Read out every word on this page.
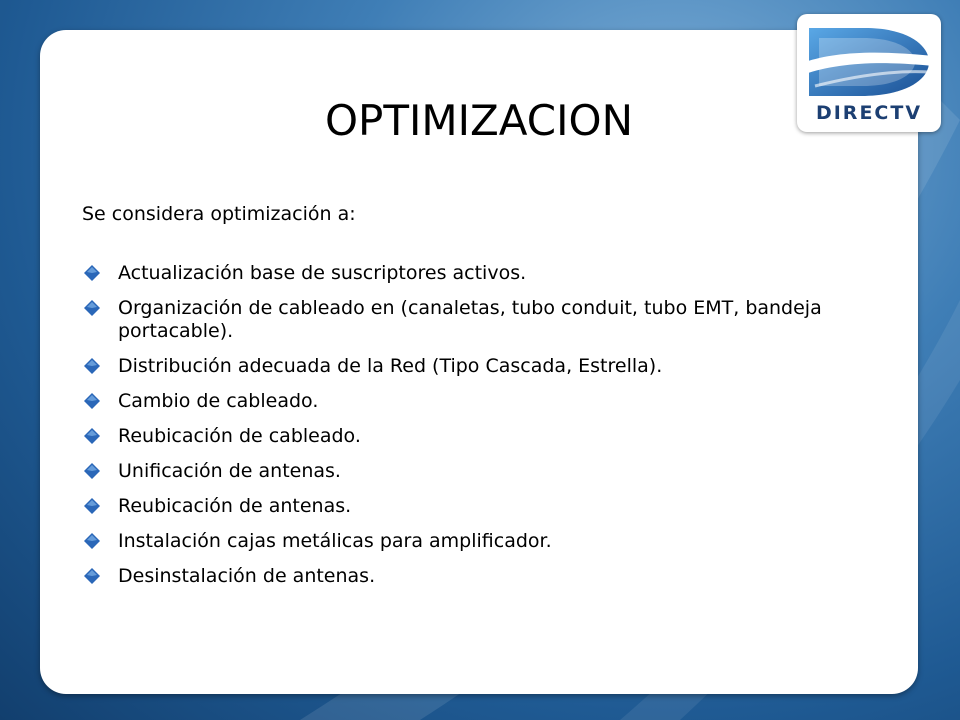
OPTIMIZACION
Se considera optimización a:
Actualización base de suscriptores activos.
Organización de cableado en (canaletas, tubo conduit, tubo EMT, bandeja portacable).
Distribución adecuada de la Red (Tipo Cascada, Estrella).
Cambio de cableado.
Reubicación de cableado.
Unificación de antenas.
Reubicación de antenas.
Instalación cajas metálicas para amplificador.
Desinstalación de antenas.
DIRECTV
